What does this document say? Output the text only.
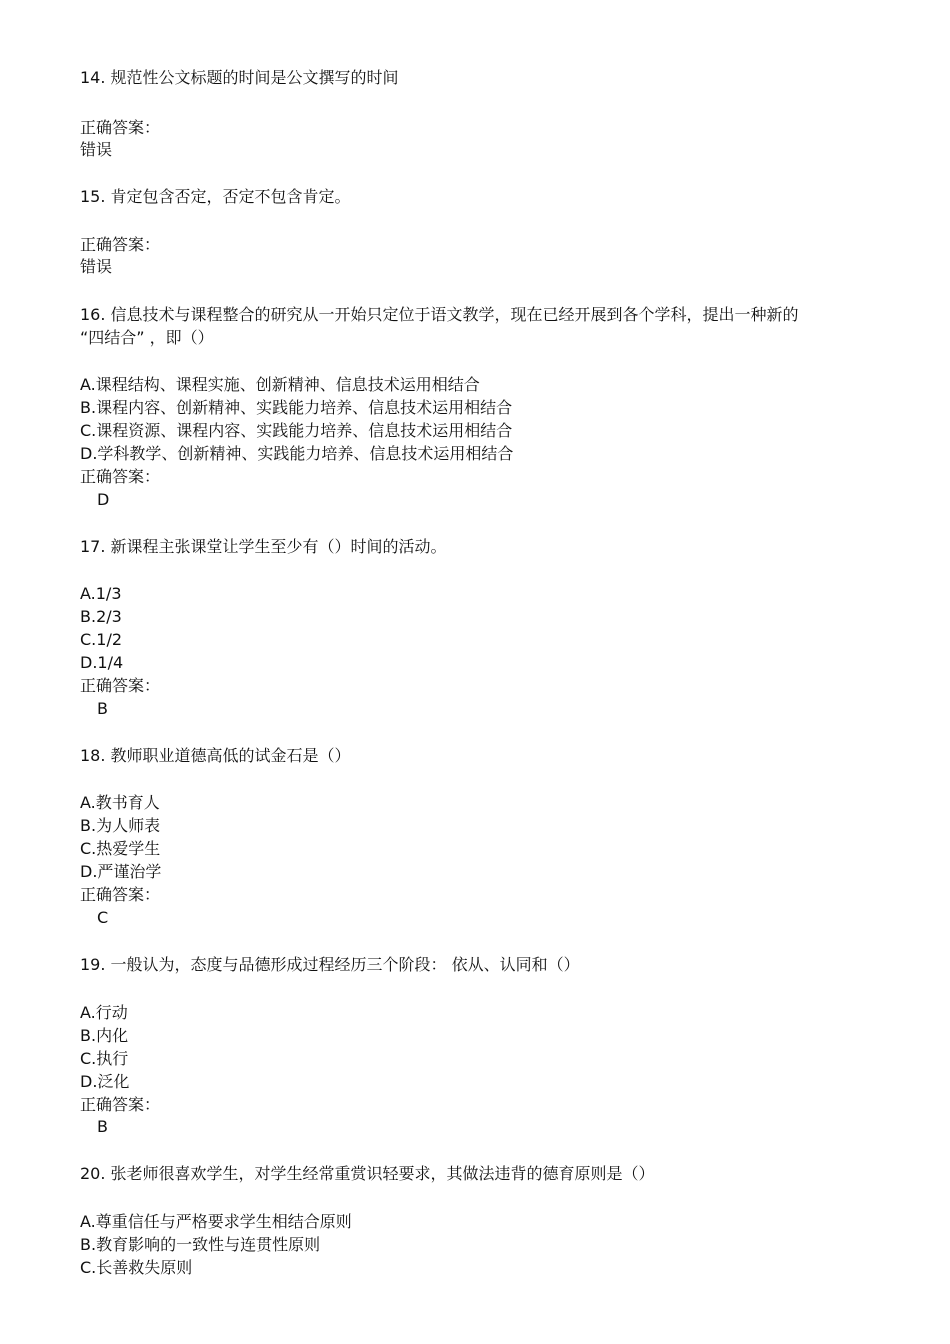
14. 规范性公文标题的时间是公文撰写的时间
正确答案：
错误
15. 肯定包含否定，否定不包含肯定。
正确答案：
错误
16. 信息技术与课程整合的研究从一开始只定位于语文教学，现在已经开展到各个学科，提出一种新的
“四结合” ，即（）
A.课程结构、课程实施、创新精神、信息技术运用相结合
B.课程内容、创新精神、实践能力培养、信息技术运用相结合
C.课程资源、课程内容、实践能力培养、信息技术运用相结合
D.学科教学、创新精神、实践能力培养、信息技术运用相结合
正确答案：
D
17. 新课程主张课堂让学生至少有（）时间的活动。
A.1/3
B.2/3
C.1/2
D.1/4
正确答案：
B
18. 教师职业道德高低的试金石是（）
A.教书育人
B.为人师表
C.热爱学生
D.严谨治学
正确答案：
C
19. 一般认为，态度与品德形成过程经历三个阶段： 依从、认同和（）
A.行动
B.内化
C.执行
D.泛化
正确答案：
B
20. 张老师很喜欢学生，对学生经常重赏识轻要求，其做法违背的德育原则是（）
A.尊重信任与严格要求学生相结合原则
B.教育影响的一致性与连贯性原则
C.长善救失原则
